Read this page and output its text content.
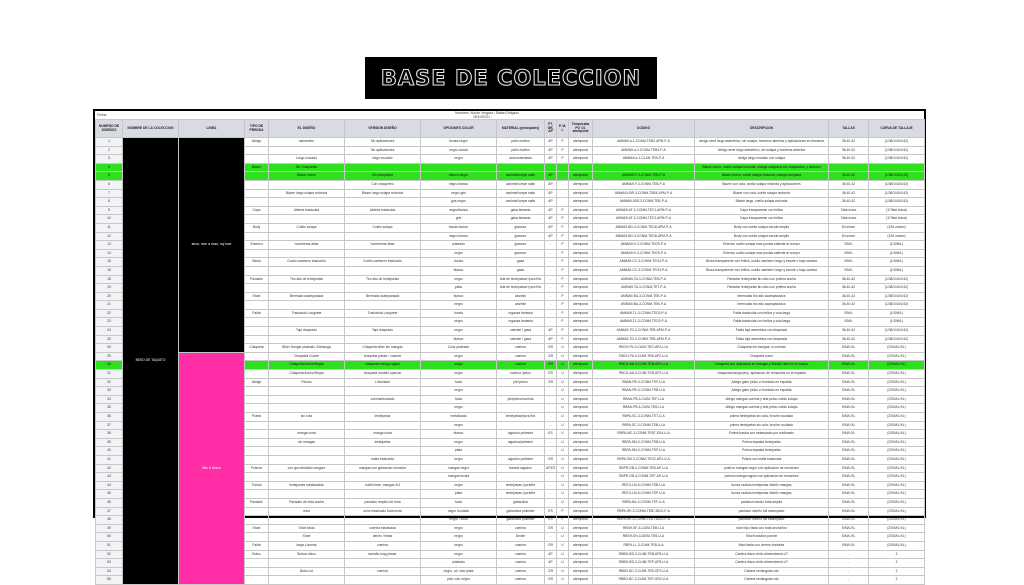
BASE DE COLECCION
Fecha	Nombres: Nicole Vergara / Rafael Delgado
28/10/2021
NUMERO DE DISEÑOS	NOMBRE DE LA COLECCION	LINEA	TIPO DE PRENDA	EL DISEÑO	VERSION DISEÑO	OPCIONES COLOR	MATERIAL (principales)	PT, GR, AP	P, M, L	Temporada PV, OI, atemporal	CODIGO	DESCRIPCION	TALLAS	CURVA DE TALLAJE
1	BESO DE TAQUITO	amor, mon a mour, my love	Abrigo	asimetrico	Sin aplicaciones	fucsia-negro	paño mufton	AP	P	atemporal	AMMA9-a-1-COAM-TEB2-APM-P-A	abrigo semi largo asimetrico, sin solapa, hombros abiertos y aplicaciones en bisuteria	36-40-42	(1/38/1/40/1/42)
2					Sin aplicaciones	negro-fucsia	paño mufton	AP	P	atemporal	AMMA9-a-2-COAM-TEB2-P-A	Abrigo semi largo asimetrico, sin solapa y hombros abiertos	36-40-42	(1/38/1/40/1/42)
3				Largo cruzado	largo cruzado	negro	lana materiasla	AP	P	atemporal	AMMA9-a-1-CLAN-TEB-P-A	abrigo largo cruzado con solapa	36-40-42	(1/38/1/40/1/42)
4			Blazer	Sin Chaqueteo								Blazer torero, cuello solapa redonda, manga campana con drapeados, y cinturon		
5				Blazer torero	Sin chaqueteo	blanco-negro	cashmiri/crepe satin	AP	-	atemporal	AMMA9-F-3-CONM-TEB-P-A	Blazer torero, cuello solapa redonda, manga campana	36-40-42	(1/38/1/40/1/42)
6					Con chaqueteo	negro-blanco	cashmiri/crepe satin	AP	-	atemporal	AMMA9-F-3-CONM-TEB-P-A	Blazer con cola, cuello solapa redonda y aplicaciones	36-40-42	(1/38/1/40/1/42)
7				Blazer largo solapa redonda	Blazer largo solapa redonda	negro-gris	cashmiri/crepe satin	AP	-	atemporal	AMMA9-LBR-3-CONM-TSB4-APM-P-A	Blazer con cola, cuello solapa redonda	36-40-42	(1/38/1/40/1/42)
8						gris-negro	cashmiri/crepe satin	AP	-	atemporal	AMMA9-LBR-3-CONM-TEB-P-A	Blazer largo, cuello solapa redonda	36-40-42	(1/38/1/40/1/42)
9			Capa	Abierta traslucida	Abierta traslucida	negro/blanco	gasa fantasia	AP	P	atemporal	AMMA9-AT-3-CONM-TEC1-APM-P-A	Capa transparente con brillos	Talla única	(1/Talla única)
10						gris	gasa fantasia	AP	P	atemporal	AMMA9-AT-3-CONM-TEC2-APM-P-A	Capa transparente con brillos	Talla única	(1/Talla única)
11			Body	Cuello solapa	Cuello solapa	fucsia-blanco	glamour	AP	P	atemporal	AMMA9-BD-3-CONM-TEG8-APM-P-A	Body con cuello solapa escote amplio	M unisex	(2/M unisex)
12						negro-blanco	glamour	AP	P	atemporal	AMMA9-BD-3-CONM-TEG8-APM-P-A	Body con cuello solapa escote amplio	M unisex	(2/M unisex)
13			Enterizo	hombreras altas	hombreras altas	plateado	glamour	-	P	atemporal	AMMA9-H-3-CONM-TEG9-P-A	Enterizo cuello solapa mas puntas saliente al cuerpo	S/M/L	(1/S/M/L)
14						negro	glamour	-	P	atemporal	AMMA9-H-3-CONM-TEG9-P-A	Enterizo cuello solapa mas puntas saliente al cuerpo	S/M/L	(1/S/M/L)
15			Blusa	Cuello camisero traslucido	Cuello camisero traslucido	fucsia	gasa	-	P	atemporal	AMMA9-CC-3-CONM-TEG3-P-A	Blusa transparente con brillos, cuello camisero largo y escote v bajo camisa	S/M/L	(1/S/M/L)
16						blanco	gasa	-	P	atemporal	AMMA9-CC-3-CONM-TEG3-P-A	Blusa transparente con brillos, cuello camisero largo y escote v bajo camisa	S/M/L	(1/S/M/L)
18			Pantalón	Tiro alto de lentejuelas	Tiro alto de lentejuelas	negro	tela de lentejuelas/ lycra fria	-	P	atemporal	AMMA9-TA-3-CONM-TEB-P-A	Pantalon lentejuelas tiro alto con pretina ancha	36-40-42	(1/38/1/40/1/42)
19						plata	tela de lentejuelas/ lycra fria	-	P	atemporal	AMMA9-TA-3-CONM-TET-P-A	Pantalon lentejuelas tiro alto con pretina ancha	36-40-42	(1/38/1/40/1/42)
20			Short	Bermuda acampanada	Bermuda acampanada	blanco	casimiri	-	P	atemporal	AMMA9-BA-3-CONM-TEB-P-A	bermudas tiro alto acampanados	36-40-42	(1/38/1/40/1/42)
21						negro	casimiri	-	P	atemporal	AMMA9-BA-3-CONM-TEB-P-A	bermudas tiro alto acampanados	36-40-42	(1/38/1/40/1/42)
22			Falda	Traslucida Longuete	Traslucida Longuete	fucsia	organza fantasia	-	P	atemporal	AMMA9-TL-3-CONM-TEO3-P-A	Falda traslucida con brillos y cola larga	S/M/L	(1/S/M/L)
23						negro	organza fantasia	-	P	atemporal	AMMA9-TL-3-CONM-TEO2-P-A	Falda traslucida con brillos y cola larga	S/M/L	(1/S/M/L)
24				Tapi drapeado	Tapi drapeado	negro	casimiri / gasa	AP	P	atemporal	AMMA9-TD-3-CONM-TEB-APM-P-A	Falda tapi asimetrica con drapeado	36-40-42	(1/38/1/40/1/42)
25						blanco	casimiri / gasa	AP	P	atemporal	AMMA9-TD-3-CONM-TEB-APM-P-A	Falda tapi asimetrica con drapeado	36-40-42	(1/38/1/40/1/42)
26			Chaqueta	Biker Hunger plateado 3/4manga	Chaqueta biker sin mangas	Color plateado	cuerina	GR	U	atemporal	RBCH-Pb-3-CUIM-TEG-AP2-U-A	Chaqueta sin mangas, sí correas	S/M/L/XL	(2/S/M/L/XL)
29		Alto & besos		Chaqueta Cuarte	chaqueta piedar / cuarme	negro	cuerina	GR	U	atemporal	RBCH-Pb-3-CUIM-TEB-AP2-U-A	Chaqueta cuero	S/M/L/XL	(2/S/M/L/XL)
30				Chaqueta Ancho/Negra	chaqueta manga ragian	negro	cuerina	GR	U	atemporal	RBCH-AN-3-CUIM-TEB-AP2-U-A	Chaqueta con aplicacion en mangas y Bolsillo ultra en el cuerpo	S/M/L/XL	(2/S/M/L/XL)
31				Chaqueta Ancho/Negra	chaqueta modelo operoar	negro	cuerina /peion	GR	U	atemporal	RBCH-AN-3-CUIM-TEB-AP2-U-A	chaqueta/manga jeep, aplicacion de remaches en la espalda	S/M/L/XL	(2/S/M/L/XL)
32			Abrigo	Peludo	L/bordado	fucia	piel peluo	GR	U	atemporal	RBAN-PB-3-CONM-TEF-U-A	Abrigo glam peloc c/ bordado en espalda	S/M/L/XL	(2/S/M/L/XL)
33						negro			U	atemporal	RBAN-PB-3-CONM-TEB-U-A	Abrigo glam peloc c/ bordado en espalda	S/M/L/XL	(2/S/M/L/XL)
34					cuerina/bordado	fucia	piel/peluo/cuerina		U	atemporal	RBAN-PB-3-CUIM-TEF-U-A	Abrigo mangas cuerina y teta peluo cuello solapa	S/M/L/XL	(2/S/M/L/XL)
35						negro			U	atemporal	RBAN-PB-3-CUIM-TEB-U-A	Abrigo mangas cuerina y teta peluo cuello solapa	S/M/L/XL	(2/S/M/L/XL)
36			Polera	sin cola	lentejuelas	metalizada	lentejuelas/lycra fria	-	U	atemporal	RBPA-SC-3-CONM-TET-U-A	polera lentejuelas sin cola, broche ocultado	S/M/L/XL	(2/S/M/L/XL)
37						negro		-	U	atemporal	RBPA-SC-3-CONM-TEB-U-A	polera lentejuelas sin cola, broche ocultado	S/M/L/XL	(2/S/M/L/XL)
38				manga corta	manga corta	blanco	algodon poliester	ES	U	atemporal	RBPA-MC-3-CONM-TEB7-ES4-U-A	Polera basica con estampado por sublimado	S/M/L/XL	(2/S/M/L/XL)
39				sin mangas	lentejuelas	negro	algodon/poliester	-	U	atemporal	RBPA-SM-3-CONM-TEB-U-A	Polera espalda lentejuelas	S/M/L/XL	(2/S/M/L/XL)
40						plata		-	U	atemporal	RBPA-SM-3-CONM-TEP-U-A	Polera espalda lentejuelas	S/M/L/XL	(2/S/M/L/XL)
41					malla traslucida	negro	algodon poliester	GR	U	atemporal	RBPA-SM-3-CONM-TEG2-AP4-U-A	Polera con malla traslucida	S/M/L/XL	(2/S/M/L/XL)
42			Polerón	con gorro/bolsillo canguro	mangas con aplicacion remache	mangas negro	franela algodon	AP,ES	U	atemporal	RBPR-GB-3-CONM-TEB-AP-U-A	poleron mangas negro con aplicacion de remaches	S/M/L/XL	(2/S/M/L/XL)
43						mangas fucsia			U	atemporal	RBPR-GB-3-CONM-TEF-AP-U-A	poleron manga ragian con aplicacion de remaches	S/M/L/XL	(2/S/M/L/XL)
44			Túnica	lentejuelas metalizadas	cuello bote, mangas 3/4	negro	lentejuelas, lycrafria	-	U	atemporal	RBTU-LM-3-CONM-TEB-U-A	tunica vestido lentejuelas diseño mangas	S/M/L/XL	(2/S/M/L/XL)
45						plata	lentejuelas, lycrafria	-	U	atemporal	RBTU-LM-3-CONM-TEP-U-A	tunica vestido lentejuelas diseño mangas	S/M/L/XL	(2/S/M/L/XL)
46			Pantalón	Pantalón de bota ancha	pantalon amplio/ de bota	fucia	gabardina	-	U	atemporal	RBPA-BA-3-CONM-TEF-U-A	pantalon basico bota amplia	S/M/L/XL	(2/S/M/L/XL)
47				recto	semi elasticado bota recta	negro bordado	gabardina poliester	ES	P	atemporal	RBPA-RE-3-CONM-TEB7-BDO-P-A	pantalon diseño full estampado	S/M/L/XL	(2/S/M/L/XL)
48						negro / fucia	gabardina poliester	ES	P	atemporal	RBPA-RE-3-CONM-TEG7-BDO-P-A	pantalon diseño full estampado	S/M/L/XL	(2/S/M/L/XL)
49			Short	Short falda	cuerina elasticada	negro	cuerina	GR	U	atemporal	RBSH-SF-3-CUIM-TEB-U-A	short tipo falda con bota ancha/tiro	S/M/L/XL	(2/S/M/L/XL)
50				Short	denim / tiritas	negro	Denim	-	U	atemporal	RBSH-SH-3-DEIM-TEB-U-A	Short bolsillos parche	S/M/L/XL	(2/S/M/L/XL)
51			Falda	larga Lúcenta	cuerina	negro	cuerina	GR	U	atemporal	RBFA-LL-3-CUIM-TEB-U-A	Maxi falda con cierres frontales	S/M/L/XL	(2/S/M/L/XL)
52			Bolso	Bolsos disco	tamaño long plauer	negro	cuerina	AP	U	atemporal	RBBO-BD-3-CUIM-TEB-AP5-U-A	Cartera disco vinilo dimensiones LP	-	2
53						plateado	cuerina	AP	U	atemporal	RBBO-BD-3-CUIM-TEP-AP5-U-A	Cartera disco vinilo dimensiones LP	-	2
54				Bolso cd	cuerina	negro, cd: oleo plata	cuerina	GR	U	atemporal	RBBO-BC-3-CUIM-TEB-GP2-U-A	Cartera rectangular cds	-	2
55						plat, cds: negro	cuerina	GR	U	atemporal	RBBO-BC-3-CUIM-TEP-GR2-U-A	Cartera rectangular cds	-	2
